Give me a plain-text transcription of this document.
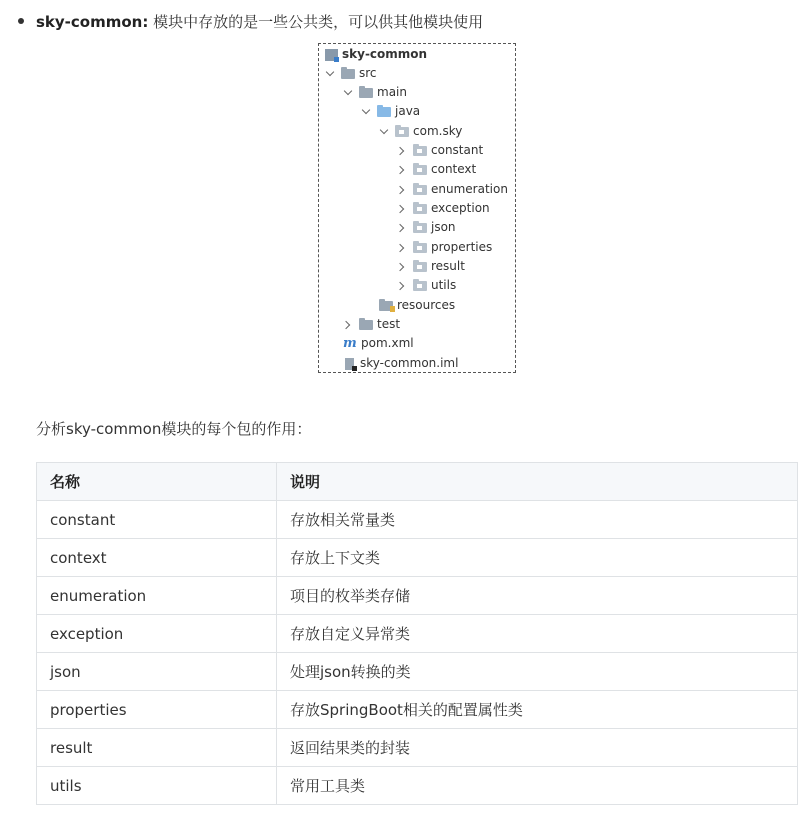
sky-common: 模块中存放的是一些公共类，可以供其他模块使用
sky-common
src
main
java
com.sky
constant
context
enumeration
exception
json
properties
result
utils
resources
test
m pom.xml
sky-common.iml
分析sky-common模块的每个包的作用：
名称	说明
constant	存放相关常量类
context	存放上下文类
enumeration	项目的枚举类存储
exception	存放自定义异常类
json	处理json转换的类
properties	存放SpringBoot相关的配置属性类
result	返回结果类的封装
utils	常用工具类
